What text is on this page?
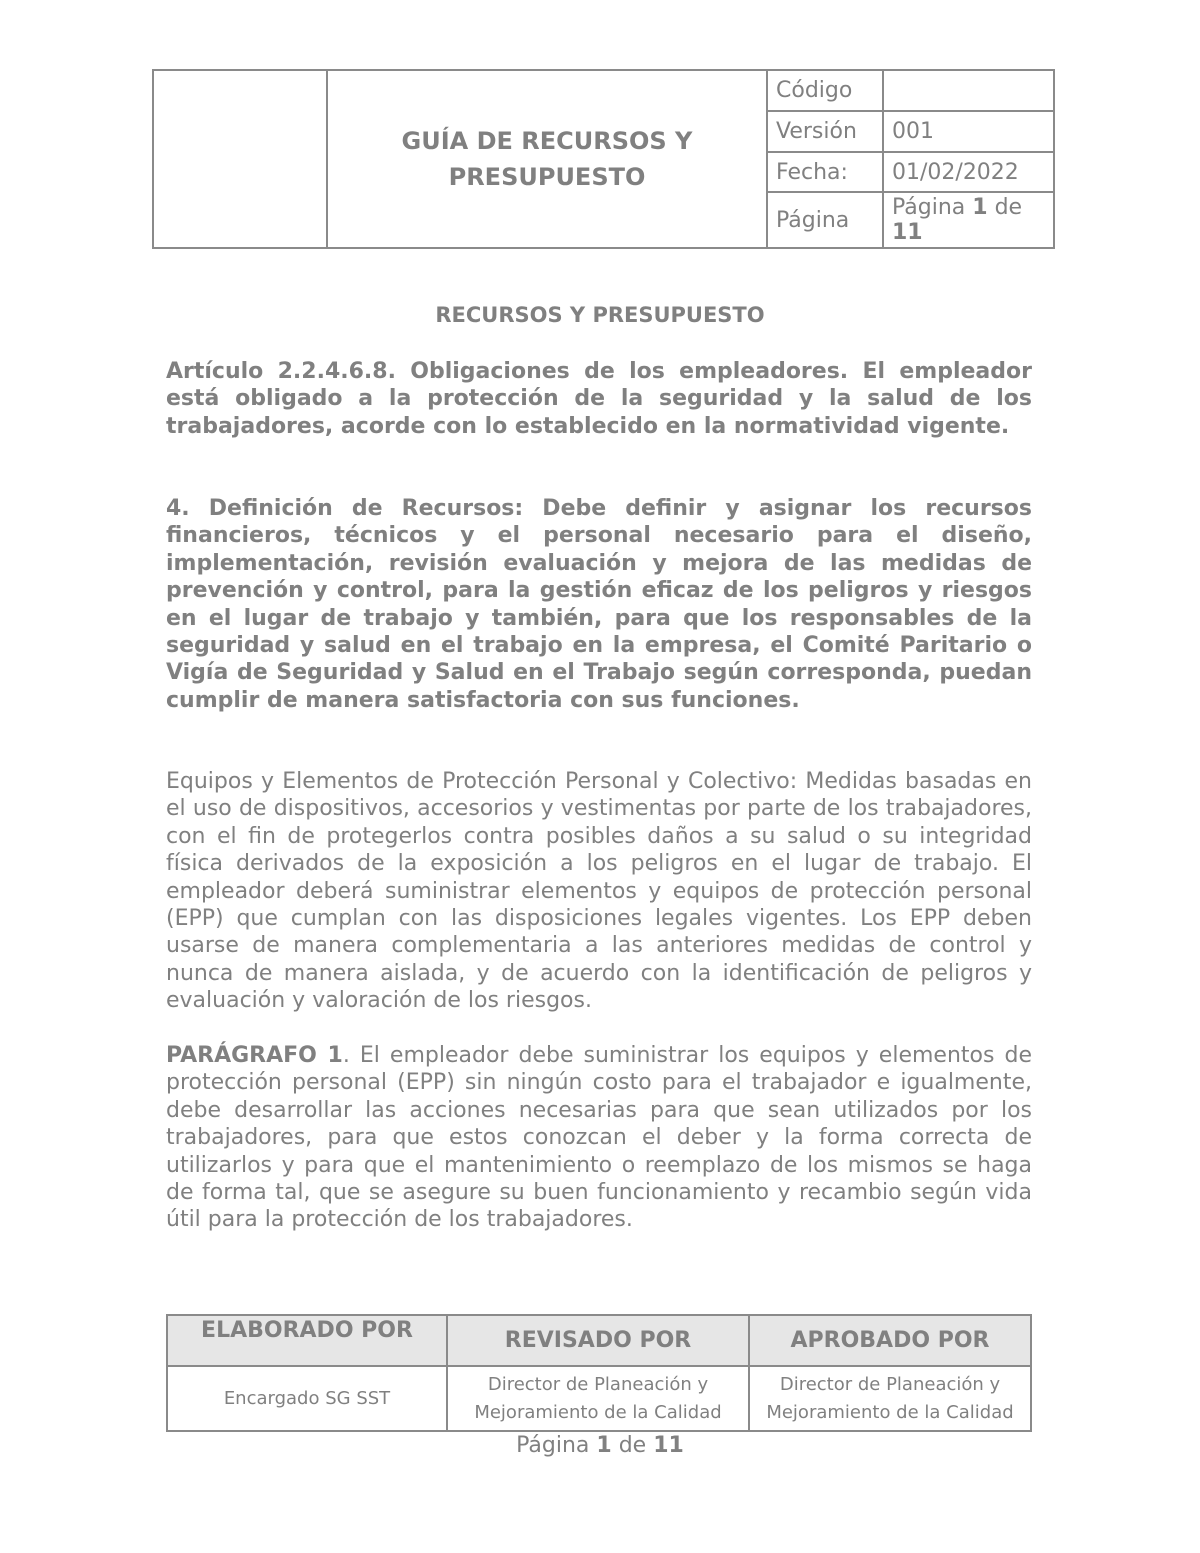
	GUÍA DE RECURSOS Y PRESUPUESTO	Código	
		Versión	001
		Fecha:	01/02/2022
		Página	Página 1 de 11
RECURSOS Y PRESUPUESTO

Artículo 2.2.4.6.8. Obligaciones de los empleadores. El empleador está obligado a la protección de la seguridad y la salud de los trabajadores, acorde con lo establecido en la normatividad vigente.

4. Definición de Recursos: Debe definir y asignar los recursos financieros, técnicos y el personal necesario para el diseño, implementación, revisión evaluación y mejora de las medidas de prevención y control, para la gestión eficaz de los peligros y riesgos en el lugar de trabajo y también, para que los responsables de la seguridad y salud en el trabajo en la empresa, el Comité Paritario o Vigía de Seguridad y Salud en el Trabajo según corresponda, puedan cumplir de manera satisfactoria con sus funciones.

Equipos y Elementos de Protección Personal y Colectivo: Medidas basadas en el uso de dispositivos, accesorios y vestimentas por parte de los trabajadores, con el fin de protegerlos contra posibles daños a su salud o su integridad física derivados de la exposición a los peligros en el lugar de trabajo. El empleador deberá suministrar elementos y equipos de protección personal (EPP) que cumplan con las disposiciones legales vigentes. Los EPP deben usarse de manera complementaria a las anteriores medidas de control y nunca de manera aislada, y de acuerdo con la identificación de peligros y evaluación y valoración de los riesgos.

PARÁGRAFO 1. El empleador debe suministrar los equipos y elementos de protección personal (EPP) sin ningún costo para el trabajador e igualmente, debe desarrollar las acciones necesarias para que sean utilizados por los trabajadores, para que estos conozcan el deber y la forma correcta de utilizarlos y para que el mantenimiento o reemplazo de los mismos se haga de forma tal, que se asegure su buen funcionamiento y recambio según vida útil para la protección de los trabajadores.

ELABORADO POR	REVISADO POR	APROBADO POR
Encargado SG SST	Director de Planeación y Mejoramiento de la Calidad	Director de Planeación y Mejoramiento de la Calidad
Página 1 de 11
